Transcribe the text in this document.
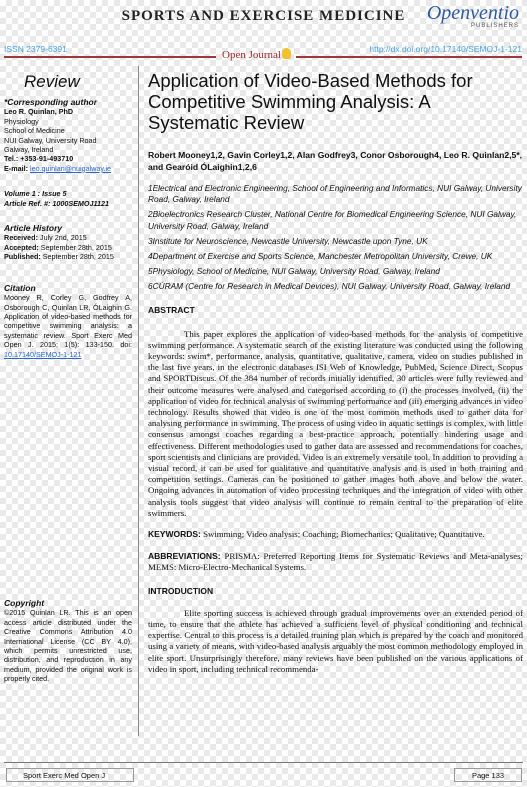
SPORTS AND EXERCISE MEDICINE	Openventio
PUBLISHERS
ISSN 2379-6391	http://dx.doi.org/10.17140/SEMOJ-1-121
Open Journal
Review
*Corresponding author
Leo R. Quinlan, PhD
Physiology
School of Medicine
NUI Galway, University Road
Galway, Ireland
Tel.: +353-91-493710
E-mail: leo.quinlan@nuigalway.ie
Volume 1 : Issue 5
Article Ref. #: 1000SEMOJ1121
Article History
Received: July 2nd, 2015
Accepted: September 28th, 2015
Published: September 28th, 2015
Citation
Mooney R, Corley G, Godfrey A, Osborough C, Quinlan LR, ÓLaighin G. Application of video-based methods for competitive swimming analysis: a systematic review. Sport Exerc Med Open J. 2015; 1(5): 133-150. doi: 10.17140/SEMOJ-1-121
Copyright
©2015 Quinlan LR. This is an open access article distributed under the Creative Commons Attribution 4.0 International License (CC BY 4.0), which permits unrestricted use, distribution, and reproduction in any medium, provided the original work is properly cited.
Application of Video-Based Methods for Competitive Swimming Analysis: A Systematic Review
Robert Mooney1,2, Gavin Corley1,2, Alan Godfrey3, Conor Osborough4, Leo R. Quinlan2,5*, and Gearóid ÓLaighin1,2,6

1Electrical and Electronic Engineering, School of Engineering and Informatics, NUI Galway, University Road, Galway, Ireland

2Bioelectronics Research Cluster, National Centre for Biomedical Engineering Science, NUI Galway, University Road, Galway, Ireland

3Institute for Neuroscience, Newcastle University, Newcastle upon Tyne, UK

4Department of Exercise and Sports Science, Manchester Metropolitan University, Crewe, UK

5Physiology, School of Medicine, NUI Galway, University Road, Galway, Ireland

6CÚRAM (Centre for Research in Medical Devices), NUI Galway, University Road, Galway, Ireland

ABSTRACT
This paper explores the application of video-based methods for the analysis of competitive swimming performance. A systematic search of the existing literature was conducted using the following keywords: swim*, performance, analysis, quantitative, qualitative, camera, video on studies published in the last five years, in the electronic databases ISI Web of Knowledge, PubMed, Science Direct, Scopus and SPORTDiscus. Of the 384 number of records initially identified, 30 articles were fully reviewed and their outcome measures were analysed and categorised according to (i) the processes involved, (ii) the application of video for technical analysis of swimming performance and (iii) emerging advances in video technology. Results showed that video is one of the most common methods used to gather data for analysing performance in swimming. The process of using video in aquatic settings is complex, with little consensus amongst coaches regarding a best-practice approach, potentially hindering usage and effectiveness. Different methodologies used to gather data are assessed and recommendations for coaches, sport scientists and clinicians are provided. Video is an extremely versatile tool. In addition to providing a visual record, it can be used for qualitative and quantitative analysis and is used in both training and competition settings. Cameras can be positioned to gather images both above and below the water. Ongoing advances in automation of video processing techniques and the integration of video with other analysis tools suggest that video analysis will continue to remain central to the preparation of elite swimmers.
KEYWORDS: Swimming; Video analysis; Coaching; Biomechanics; Qualitative; Quantitative.
ABBREVIATIONS: PRISMA: Preferred Reporting Items for Systematic Reviews and Meta-analyses; MEMS: Micro-Electro-Mechanical Systems.
INTRODUCTION
Elite sporting success is achieved through gradual improvements over an extended period of time, to ensure that the athlete has achieved a sufficient level of physical conditioning and technical expertise. Central to this process is a detailed training plan which is prepared by the coach and monitored using a variety of means, with video-based analysis arguably the most common methodology employed in elite sport. Unsurprisingly therefore, many reviews have been published on the various applications of video in sport, including technical recommenda-
Sport Exerc Med Open J	Page 133
